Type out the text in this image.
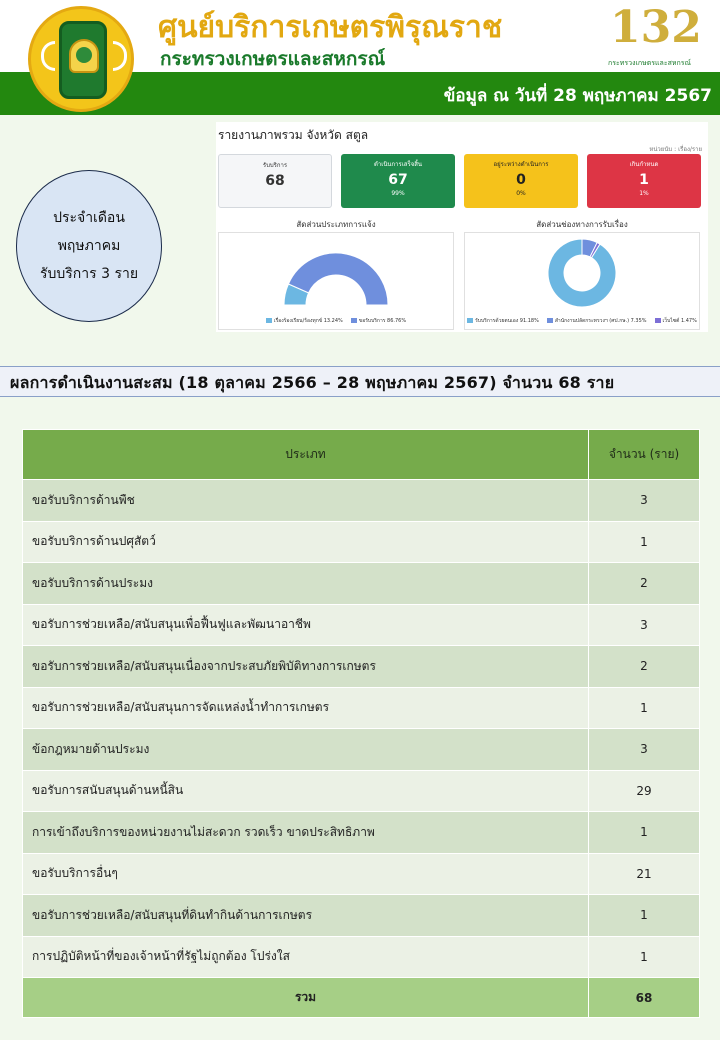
ศูนย์บริการเกษตรพิรุณราช
กระทรวงเกษตรและสหกรณ์
132
กระทรวงเกษตรและสหกรณ์
ข้อมูล ณ วันที่ 28 พฤษภาคม 2567
ประจำเดือน
พฤษภาคม
รับบริการ 3 ราย
รายงานภาพรวม จังหวัด สตูล
หน่วยนับ : เรื่อง/ราย
รับบริการ
68
ดำเนินการเสร็จสิ้น
67
99%
อยู่ระหว่างดำเนินการ
0
0%
เกินกำหนด
1
1%
สัดส่วนประเภทการแจ้ง	สัดส่วนช่องทางการรับเรื่อง
เรื่องร้องเรียน/ร้องทุกข์ 13.24%	ขอรับบริการ 86.76%	รับบริการด้วยตนเอง 91.18%	สำนักงานปลัดกระทรวงฯ (ศป.กษ.) 7.35%	เว็บไซต์ 1.47%
ผลการดำเนินงานสะสม (18 ตุลาคม 2566 – 28 พฤษภาคม 2567) จำนวน 68 ราย
ประเภท	จำนวน (ราย)
ขอรับบริการด้านพืช	3
ขอรับบริการด้านปศุสัตว์	1
ขอรับบริการด้านประมง	2
ขอรับการช่วยเหลือ/สนับสนุนเพื่อฟื้นฟูและพัฒนาอาชีพ	3
ขอรับการช่วยเหลือ/สนับสนุนเนื่องจากประสบภัยพิบัติทางการเกษตร	2
ขอรับการช่วยเหลือ/สนับสนุนการจัดแหล่งน้ำทำการเกษตร	1
ข้อกฎหมายด้านประมง	3
ขอรับการสนับสนุนด้านหนี้สิน	29
การเข้าถึงบริการของหน่วยงานไม่สะดวก รวดเร็ว ขาดประสิทธิภาพ	1
ขอรับบริการอื่นๆ	21
ขอรับการช่วยเหลือ/สนับสนุนที่ดินทำกินด้านการเกษตร	1
การปฏิบัติหน้าที่ของเจ้าหน้าที่รัฐไม่ถูกต้อง โปร่งใส	1
รวม	68
